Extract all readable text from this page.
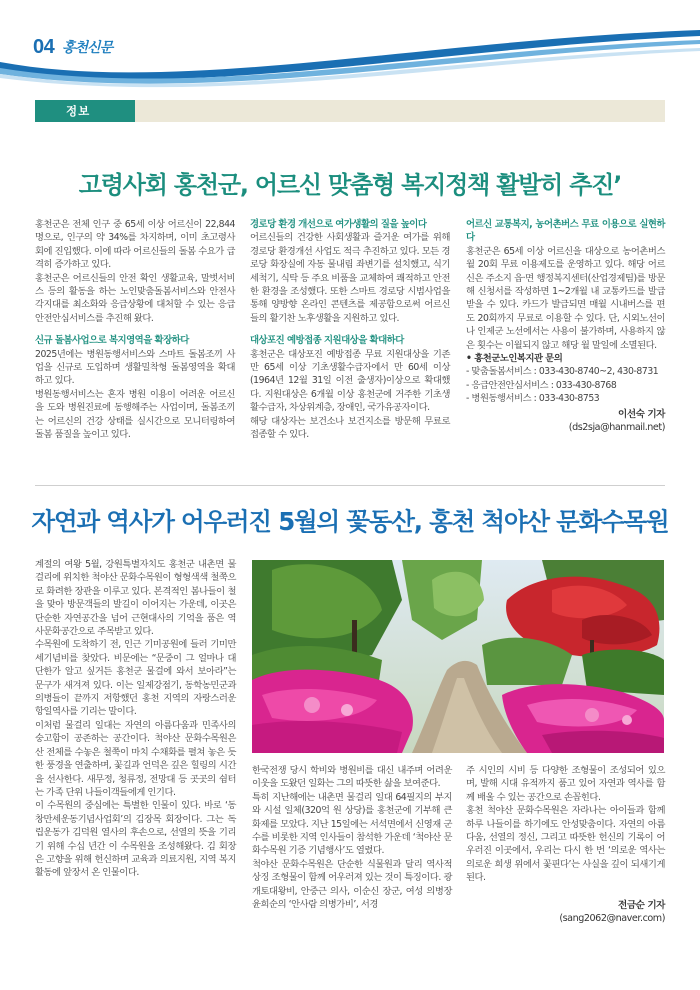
04 홍천신문
정보
고령사회 홍천군, 어르신 맞춤형 복지정책 활발히 추진’

홍천군은 전체 인구 중 65세 이상 어르신이 22,844명으로, 인구의 약 34%를 차지하며, 이미 초고령사회에 진입했다. 이에 따라 어르신들의 돌봄 수요가 급격히 증가하고 있다.

홍천군은 어르신들의 안전 확인 생활교육, 말벗서비스 등의 활동을 하는 노인맞춤돌봄서비스와 안전사각지대를 최소화와 응급상황에 대처할 수 있는 응급안전안심서비스를 추진해 왔다.

신규 돌봄사업으로 복지영역을 확장하다

2025년에는 병원동행서비스와 스마트 돌봄조끼 사업을 신규로 도입하며 생활밀착형 돌봄영역을 확대하고 있다.

병원동행서비스는 혼자 병원 이용이 어려운 어르신을 도와 병원진료에 동행해주는 사업이며, 돌봄조끼는 어르신의 건강 상태를 실시간으로 모니터링하여 돌봄 품질을 높이고 있다.

경로당 환경 개선으로 여가생활의 질을 높이다

어르신들의 건강한 사회생활과 즐거운 여가를 위해 경로당 환경개선 사업도 적극 추진하고 있다. 모든 경로당 화장실에 자동 물내림 좌변기를 설치했고, 식기세척기, 식탁 등 주요 비품을 교체하여 쾌적하고 안전한 환경을 조성했다. 또한 스마트 경로당 시범사업을 통해 양방향 온라인 콘텐츠를 제공함으로써 어르신들의 활기찬 노후생활을 지원하고 있다.

대상포진 예방접종 지원대상을 확대하다

홍천군은 대상포진 예방접종 무료 지원대상을 기존 만 65세 이상 기초생활수급자에서 만 60세 이상(1964년 12월 31일 이전 출생자)이상으로 확대했다. 지원대상은 6개월 이상 홍천군에 거주한 기초생활수급자, 차상위계층, 장애인, 국가유공자이다.

해당 대상자는 보건소나 보건지소를 방문해 무료로 접종할 수 있다.

어르신 교통복지, 농어촌버스 무료 이용으로 실현하다

홍천군은 65세 이상 어르신을 대상으로 농어촌버스 월 20회 무료 이용제도를 운영하고 있다. 해당 어르신은 주소지 읍·면 행정복지센터(산업경제팀)를 방문해 신청서를 작성하면 1~2개월 내 교통카드를 발급받을 수 있다. 카드가 발급되면 매월 시내버스를 편도 20회까지 무료로 이용할 수 있다. 단, 시외노선이나 인제군 노선에서는 사용이 불가하며, 사용하지 않은 횟수는 이월되지 않고 해당 월 말일에 소멸된다.

• 홍천군노인복지관 문의

- 맞춤돌봄서비스 : 033-430-8740~2, 430-8731

- 응급안전안심서비스 : 033-430-8768

- 병원동행서비스 : 033-430-8753

이선숙 기자

(ds2sja@hanmail.net)

자연과 역사가 어우러진 5월의 꽃동산, 홍천 척야산 문화수목원

계절의 여왕 5월, 강원특별자치도 홍천군 내촌면 물걸리에 위치한 척야산 문화수목원이 형형색색 철쭉으로 화려한 장관을 이루고 있다. 본격적인 봄나들이 철을 맞아 방문객들의 발길이 이어지는 가운데, 이곳은 단순한 자연공간을 넘어 근현대사의 기억을 품은 역사문화공간으로 주목받고 있다.

수목원에 도착하기 전, 인근 기미공원에 들러 기미만세기념비를 찾았다. 비문에는 “문중이 그 얼마나 대단한가 알고 싶거든 홍천군 물걸에 와서 보아라”는 문구가 새겨져 있다. 이는 일제강점기, 동학농민군과 의병들이 끝까지 저항했던 홍천 지역의 자랑스러운 항일역사를 기리는 말이다.

이처럼 물걸리 일대는 자연의 아름다움과 민족사의 숭고함이 공존하는 공간이다. 척야산 문화수목원은 산 전체를 수놓은 철쭉이 마치 수채화를 펼쳐 놓은 듯한 풍경을 연출하며, 꽃길과 언덕은 깊은 힐링의 시간을 선사한다. 새무정, 청류정, 전망대 등 곳곳의 쉼터는 가족 단위 나들이객들에게 인기다.

이 수목원의 중심에는 특별한 인물이 있다. 바로 ‘동창만세운동기념사업회’의 김장목 회장이다. 그는 독립운동가 김덕원 열사의 후손으로, 선열의 뜻을 기리기 위해 수십 년간 이 수목원을 조성해왔다. 김 회장은 고향을 위해 헌신하며 교육과 의료지원, 지역 복지 활동에 앞장서 온 인물이다.

한국전쟁 당시 학비와 병원비를 대신 내주며 어려운 이웃을 도왔던 일화는 그의 따뜻한 삶을 보여준다.

특히 지난해에는 내촌면 물걸리 일대 64필지의 부지와 시설 일체(320억 원 상당)를 홍천군에 기부해 큰 화제를 모았다. 지난 15일에는 서석면에서 신영재 군수를 비롯한 지역 인사들이 참석한 가운데 ‘척야산 문화수목원 기증 기념행사’도 열렸다.

척야산 문화수목원은 단순한 식물원과 달리 역사적 상징 조형물이 함께 어우러져 있는 것이 특징이다. 광개토대왕비, 안중근 의사, 이순신 장군, 여성 의병장 윤희순의 ‘안사람 의병가비’, 서경

주 시인의 시비 등 다양한 조형물이 조성되어 있으며, 발해 시대 유적까지 품고 있어 자연과 역사를 함께 배울 수 있는 공간으로 손꼽힌다.

홍천 척야산 문화수목원은 자라나는 아이들과 함께 하루 나들이를 하기에도 안성맞춤이다. 자연의 아름다움, 선열의 정신, 그리고 따뜻한 헌신의 기록이 어우러진 이곳에서, 우리는 다시 한 번 ‘의로운 역사는 의로운 희생 위에서 꽃핀다’는 사실을 깊이 되새기게 된다.

전금순 기자

(sang2062@naver.com)
